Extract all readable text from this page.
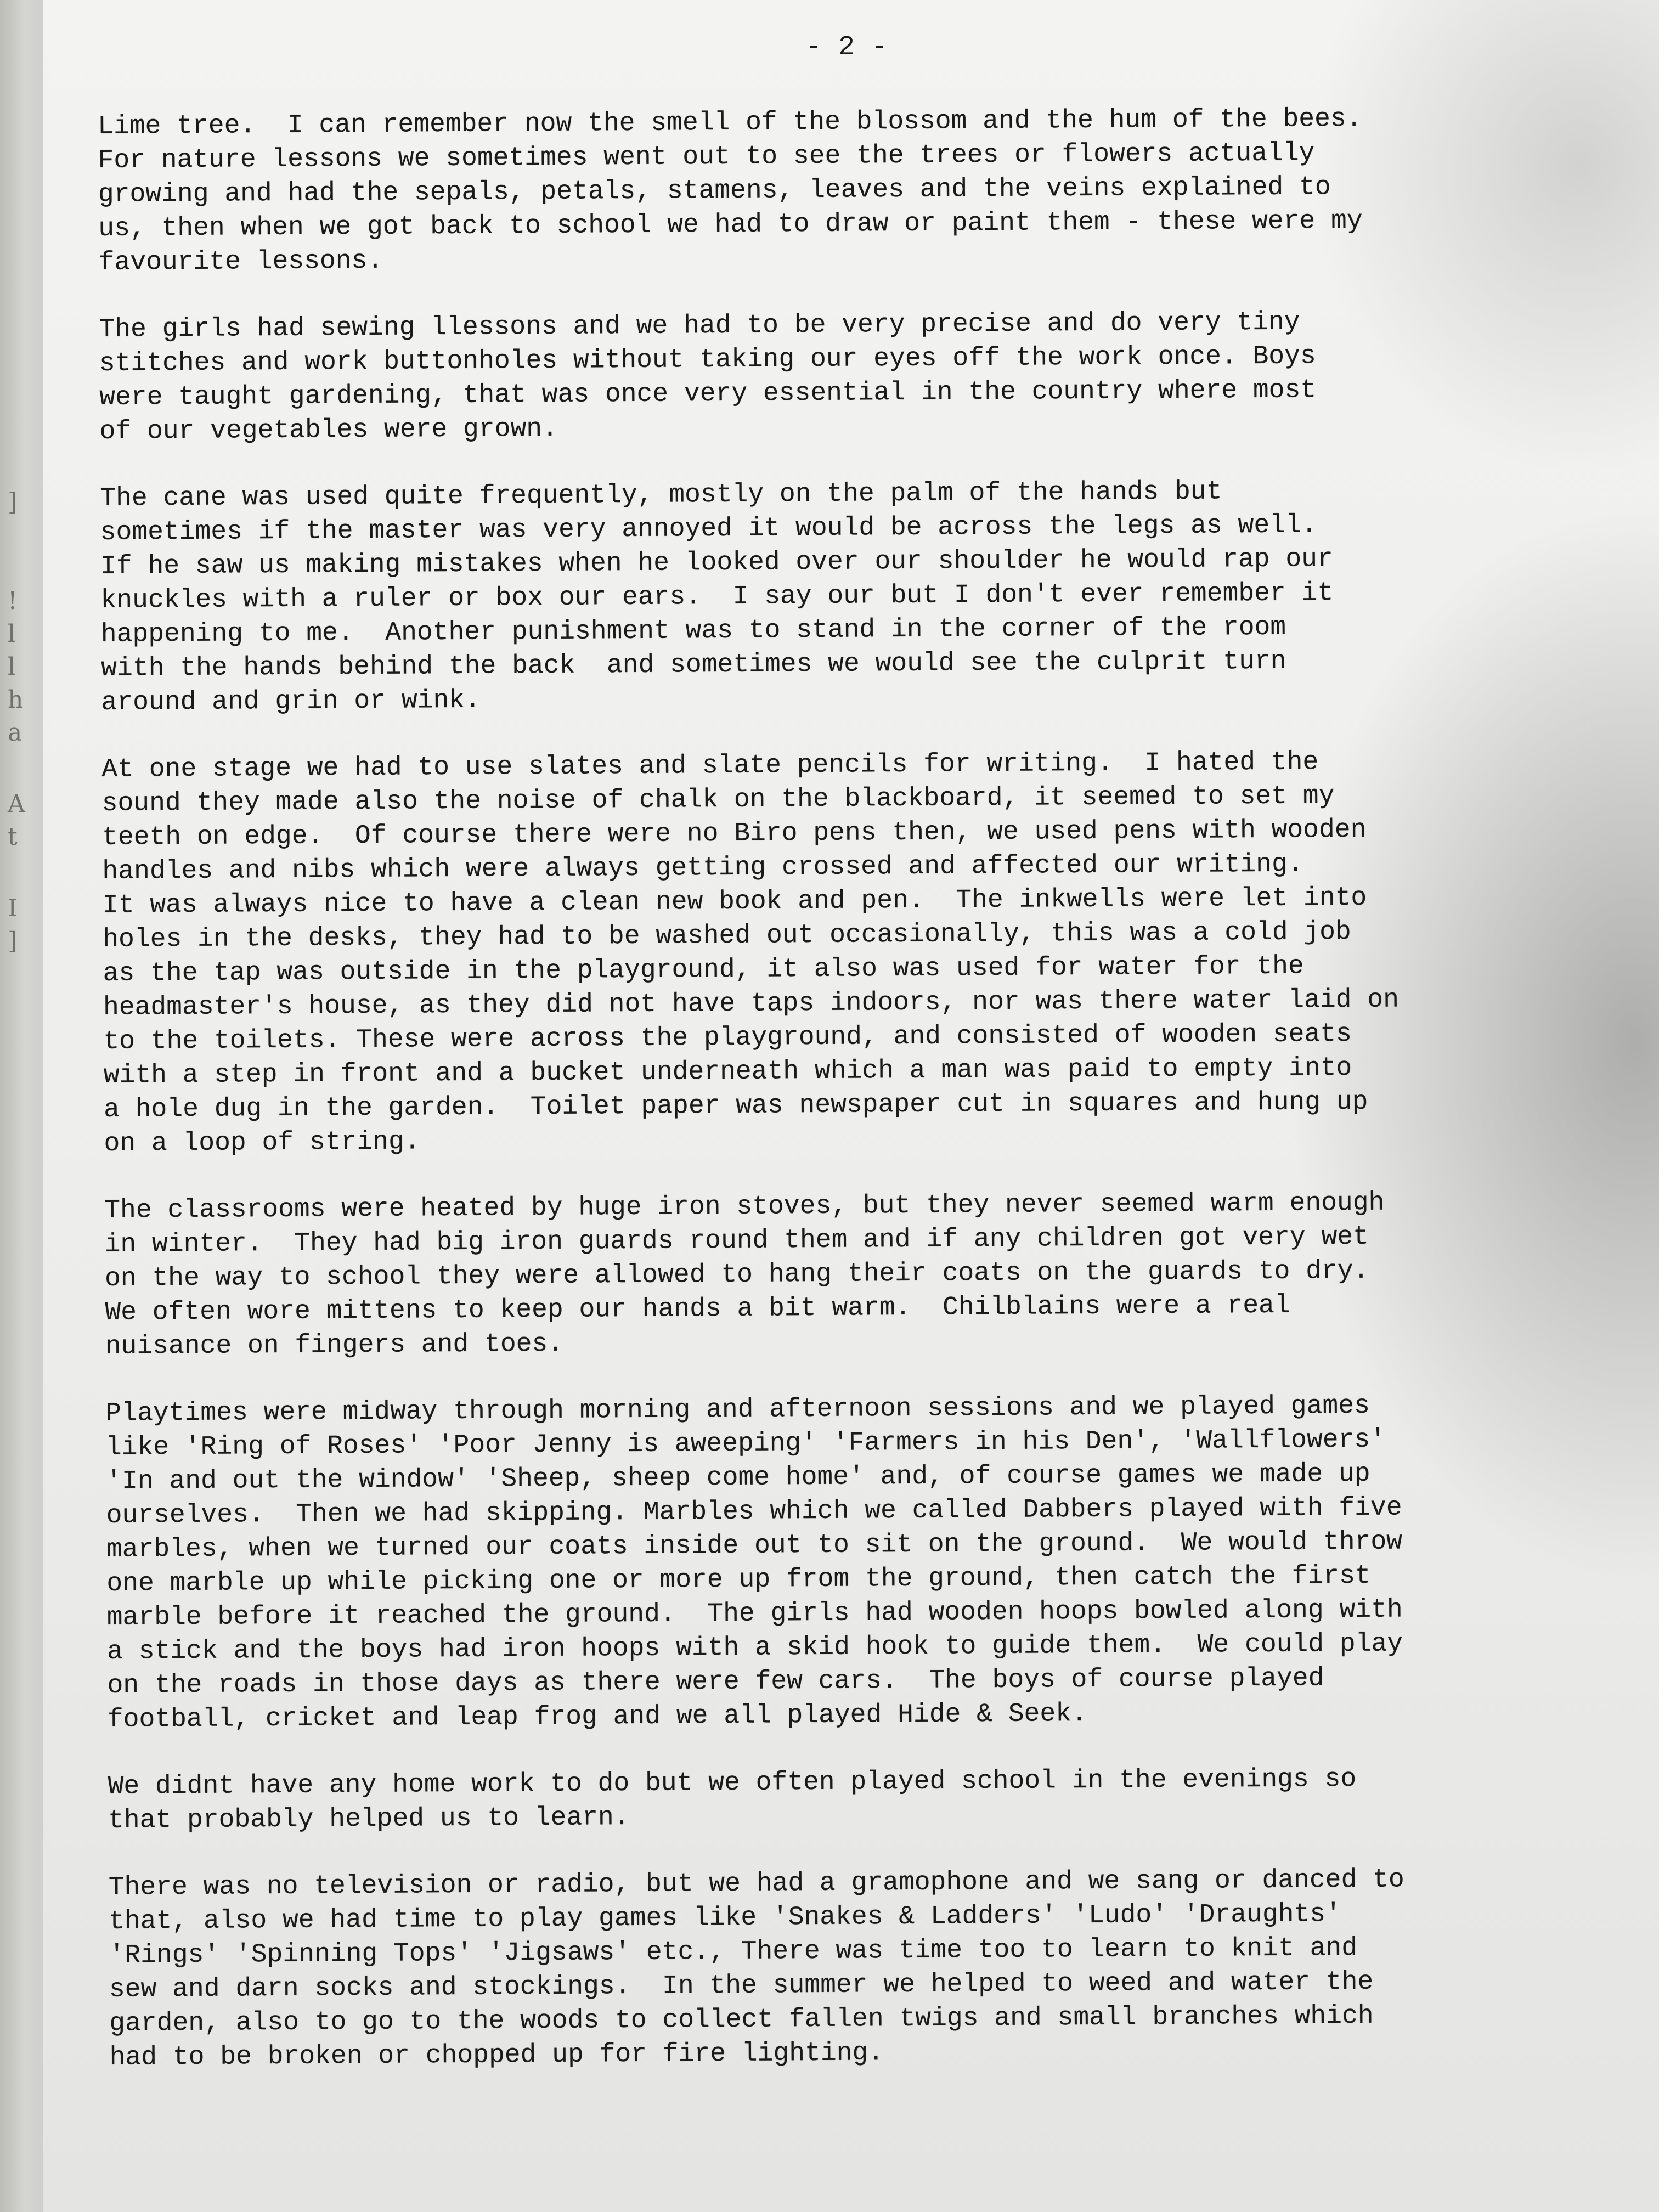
]
!
l
l
h
a
A
t
I
]
- 2 -
Lime tree.  I can remember now the smell of the blossom and the hum of the bees.
For nature lessons we sometimes went out to see the trees or flowers actually
growing and had the sepals, petals, stamens, leaves and the veins explained to
us, then when we got back to school we had to draw or paint them - these were my
favourite lessons.
The girls had sewing llessons and we had to be very precise and do very tiny
stitches and work buttonholes without taking our eyes off the work once. Boys
were taught gardening, that was once very essential in the country where most
of our vegetables were grown.
The cane was used quite frequently, mostly on the palm of the hands but
sometimes if the master was very annoyed it would be across the legs as well.
If he saw us making mistakes when he looked over our shoulder he would rap our
knuckles with a ruler or box our ears.  I say our but I don't ever remember it
happening to me.  Another punishment was to stand in the corner of the room
with the hands behind the back  and sometimes we would see the culprit turn
around and grin or wink.
At one stage we had to use slates and slate pencils for writing.  I hated the
sound they made also the noise of chalk on the blackboard, it seemed to set my
teeth on edge.  Of course there were no Biro pens then, we used pens with wooden
handles and nibs which were always getting crossed and affected our writing.
It was always nice to have a clean new book and pen.  The inkwells were let into
holes in the desks, they had to be washed out occasionally, this was a cold job
as the tap was outside in the playground, it also was used for water for the
headmaster's house, as they did not have taps indoors, nor was there water laid on
to the toilets. These were across the playground, and consisted of wooden seats
with a step in front and a bucket underneath which a man was paid to empty into
a hole dug in the garden.  Toilet paper was newspaper cut in squares and hung up
on a loop of string.
The classrooms were heated by huge iron stoves, but they never seemed warm enough
in winter.  They had big iron guards round them and if any children got very wet
on the way to school they were allowed to hang their coats on the guards to dry.
We often wore mittens to keep our hands a bit warm.  Chilblains were a real
nuisance on fingers and toes.
Playtimes were midway through morning and afternoon sessions and we played games
like 'Ring of Roses' 'Poor Jenny is aweeping' 'Farmers in his Den', 'Wallflowers'
'In and out the window' 'Sheep, sheep come home' and, of course games we made up
ourselves.  Then we had skipping. Marbles which we called Dabbers played with five
marbles, when we turned our coats inside out to sit on the ground.  We would throw
one marble up while picking one or more up from the ground, then catch the first
marble before it reached the ground.  The girls had wooden hoops bowled along with
a stick and the boys had iron hoops with a skid hook to guide them.  We could play
on the roads in those days as there were few cars.  The boys of course played
football, cricket and leap frog and we all played Hide & Seek.
We didnt have any home work to do but we often played school in the evenings so
that probably helped us to learn.
There was no television or radio, but we had a gramophone and we sang or danced to
that, also we had time to play games like 'Snakes & Ladders' 'Ludo' 'Draughts'
'Rings' 'Spinning Tops' 'Jigsaws' etc., There was time too to learn to knit and
sew and darn socks and stockings.  In the summer we helped to weed and water the
garden, also to go to the woods to collect fallen twigs and small branches which
had to be broken or chopped up for fire lighting.
